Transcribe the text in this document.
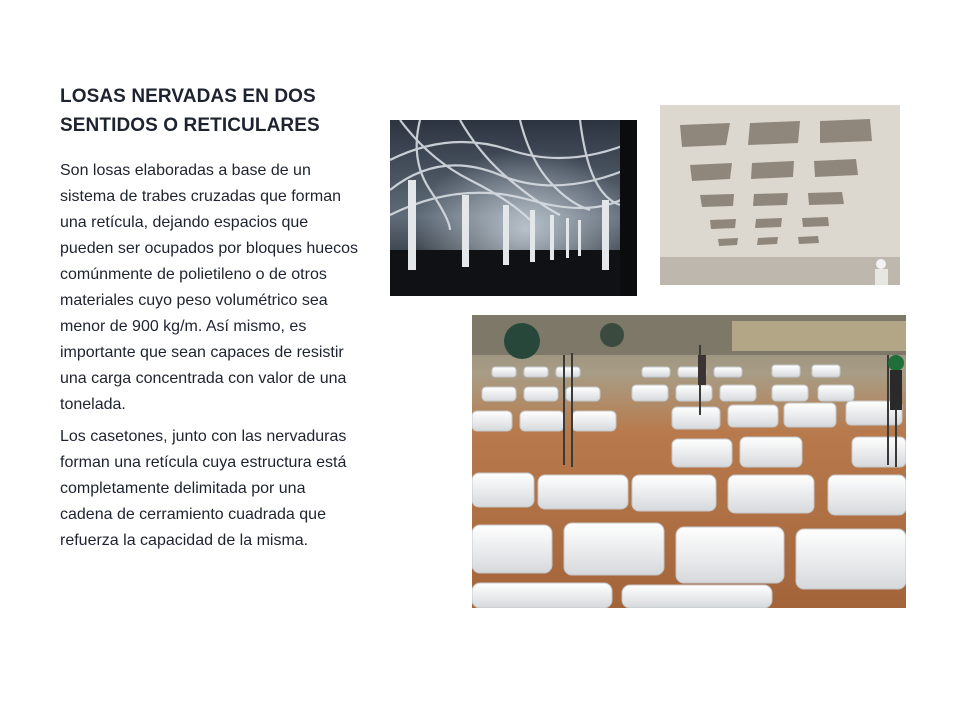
LOSAS NERVADAS EN DOS SENTIDOS O RETICULARES

Son losas elaboradas a base de un sistema de trabes cruzadas que forman una retícula, dejando espacios que pueden ser ocupados por bloques huecos comúnmente de polietileno o de otros materiales cuyo peso volumétrico sea menor de 900 kg/m. Así mismo, es importante que sean capaces de resistir una carga concentrada con valor de una tonelada.

Los casetones, junto con las nervaduras forman una retícula cuya estructura está completamente delimitada por una cadena de cerramiento cuadrada que refuerza la capacidad de la misma.
